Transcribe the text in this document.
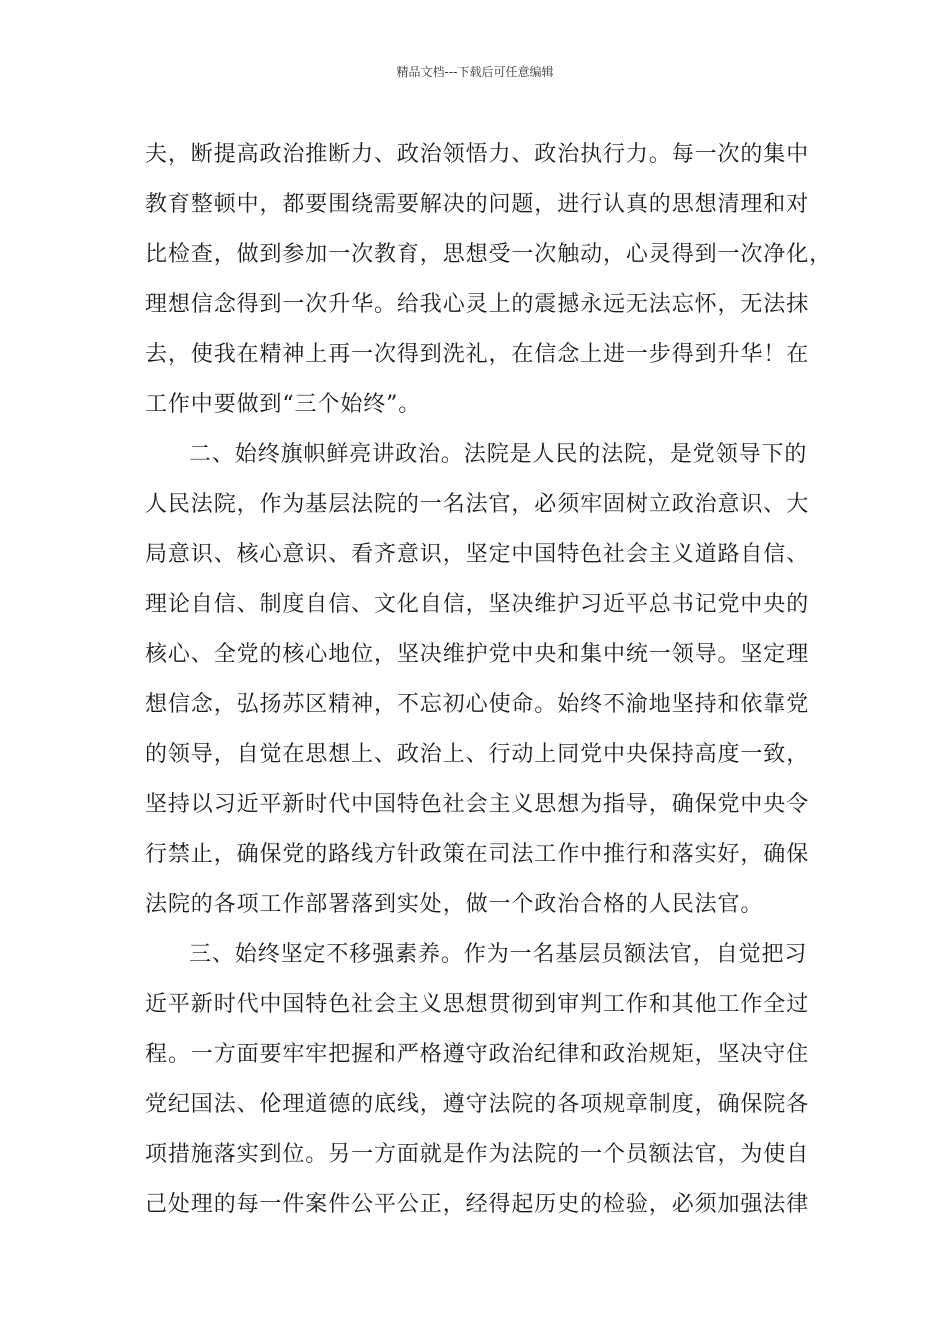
精品文档---下载后可任意编辑
夫，断提高政治推断力、政治领悟力、政治执行力。每一次的集中
教育整顿中，都要围绕需要解决的问题，进行认真的思想清理和对
比检查，做到参加一次教育，思想受一次触动，心灵得到一次净化，
理想信念得到一次升华。给我心灵上的震撼永远无法忘怀，无法抹
去，使我在精神上再一次得到洗礼，在信念上进一步得到升华！在
工作中要做到“三个始终”。
二、始终旗帜鲜亮讲政治。法院是人民的法院，是党领导下的
人民法院，作为基层法院的一名法官，必须牢固树立政治意识、大
局意识、核心意识、看齐意识，坚定中国特色社会主义道路自信、
理论自信、制度自信、文化自信，坚决维护习近平总书记党中央的
核心、全党的核心地位，坚决维护党中央和集中统一领导。坚定理
想信念，弘扬苏区精神，不忘初心使命。始终不渝地坚持和依靠党
的领导，自觉在思想上、政治上、行动上同党中央保持高度一致，
坚持以习近平新时代中国特色社会主义思想为指导，确保党中央令
行禁止，确保党的路线方针政策在司法工作中推行和落实好，确保
法院的各项工作部署落到实处，做一个政治合格的人民法官。
三、始终坚定不移强素养。作为一名基层员额法官，自觉把习
近平新时代中国特色社会主义思想贯彻到审判工作和其他工作全过
程。一方面要牢牢把握和严格遵守政治纪律和政治规矩，坚决守住
党纪国法、伦理道德的底线，遵守法院的各项规章制度，确保院各
项措施落实到位。另一方面就是作为法院的一个员额法官，为使自
己处理的每一件案件公平公正，经得起历史的检验，必须加强法律
